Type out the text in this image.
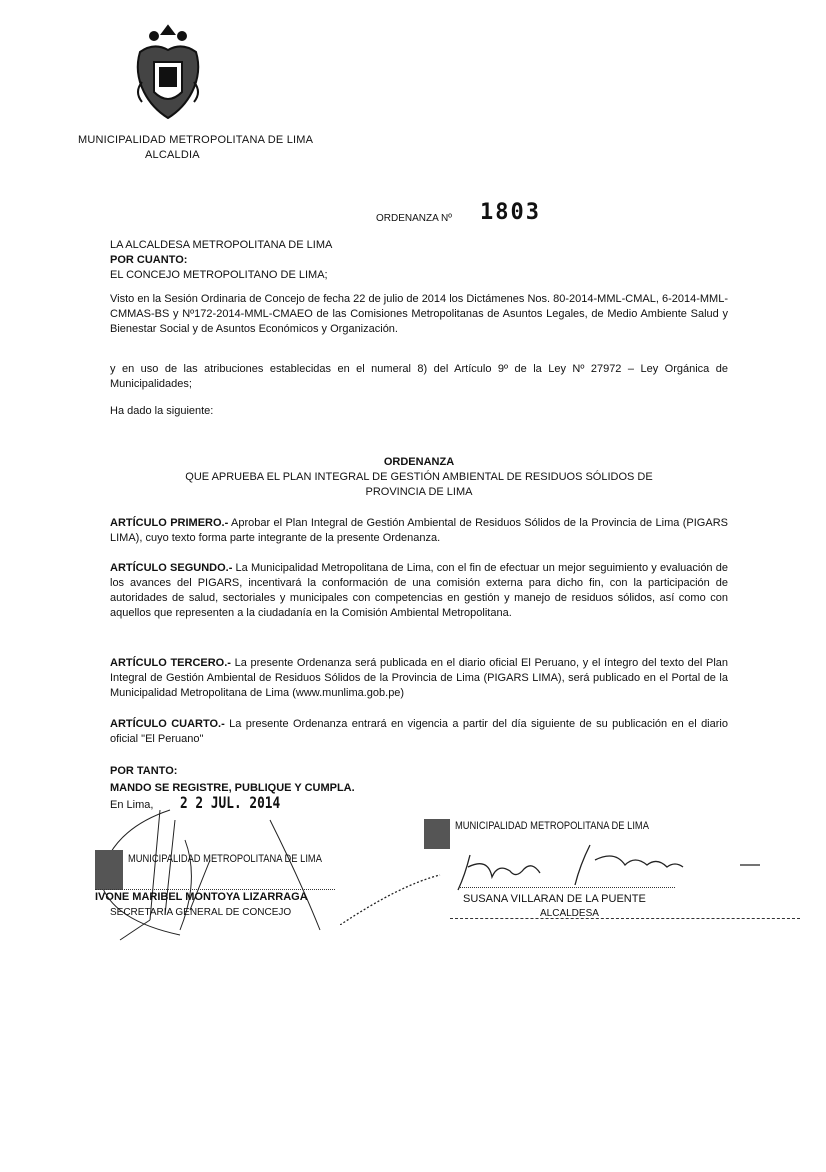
MUNICIPALIDAD METROPOLITANA DE LIMA
ALCALDIA
ORDENANZA Nº 1803
LA ALCALDESA METROPOLITANA DE LIMA
POR CUANTO:
EL CONCEJO METROPOLITANO DE LIMA;
Visto en la Sesión Ordinaria de Concejo de fecha 22 de julio de 2014 los Dictámenes Nos. 80-2014-MML-CMAL, 6-2014-MML-CMMAS-BS y Nº172-2014-MML-CMAEO de las Comisiones Metropolitanas de Asuntos Legales, de Medio Ambiente Salud y Bienestar Social y de Asuntos Económicos y Organización.
y en uso de las atribuciones establecidas en el numeral 8) del Artículo 9º de la Ley Nº 27972 – Ley Orgánica de Municipalidades;
Ha dado la siguiente:
ORDENANZA
QUE APRUEBA EL PLAN INTEGRAL DE GESTIÓN AMBIENTAL DE RESIDUOS SÓLIDOS DE
PROVINCIA DE LIMA
ARTÍCULO PRIMERO.- Aprobar el Plan Integral de Gestión Ambiental de Residuos Sólidos de la Provincia de Lima (PIGARS LIMA), cuyo texto forma parte integrante de la presente Ordenanza.
ARTÍCULO SEGUNDO.- La Municipalidad Metropolitana de Lima, con el fin de efectuar un mejor seguimiento y evaluación de los avances del PIGARS, incentivará la conformación de una comisión externa para dicho fin, con la participación de autoridades de salud, sectoriales y municipales con competencias en gestión y manejo de residuos sólidos, así como con aquellos que representen a la ciudadanía en la Comisión Ambiental Metropolitana.
ARTÍCULO TERCERO.- La presente Ordenanza será publicada en el diario oficial El Peruano, y el íntegro del texto del Plan Integral de Gestión Ambiental de Residuos Sólidos de la Provincia de Lima (PIGARS LIMA), será publicado en el Portal de la Municipalidad Metropolitana de Lima (www.munlima.gob.pe)
ARTÍCULO CUARTO.- La presente Ordenanza entrará en vigencia a partir del día siguiente de su publicación en el diario oficial "El Peruano"
POR TANTO:
MANDO SE REGISTRE, PUBLIQUE Y CUMPLA.
En Lima, 2 2 JUL. 2014
MUNICIPALIDAD METROPOLITANA DE LIMA
IVONE MARIBEL MONTOYA LIZARRAGA
SECRETARIA GENERAL DE CONCEJO
MUNICIPALIDAD METROPOLITANA DE LIMA
SUSANA VILLARAN DE LA PUENTE
ALCALDESA
